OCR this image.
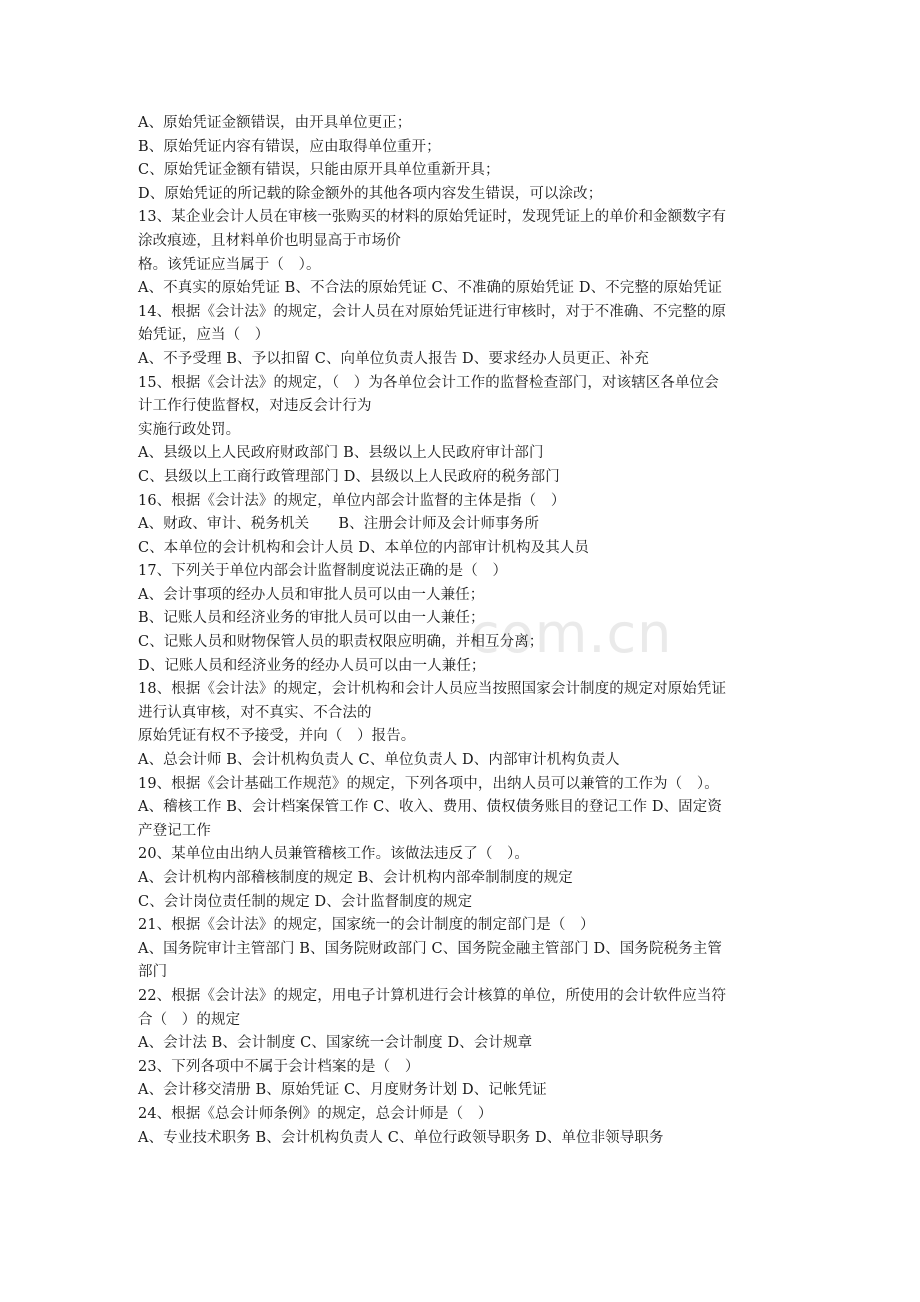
com.cn
A、原始凭证金额错误，由开具单位更正；
B、原始凭证内容有错误，应由取得单位重开；
C、原始凭证金额有错误，只能由原开具单位重新开具；
D、原始凭证的所记载的除金额外的其他各项内容发生错误，可以涂改；
13、某企业会计人员在审核一张购买的材料的原始凭证时，发现凭证上的单价和金额数字有
涂改痕迹，且材料单价也明显高于市场价
格。该凭证应当属于（　）。
A、不真实的原始凭证 B、不合法的原始凭证 C、不准确的原始凭证 D、不完整的原始凭证
14、根据《会计法》的规定，会计人员在对原始凭证进行审核时，对于不准确、不完整的原
始凭证，应当（　）
A、不予受理 B、予以扣留 C、向单位负责人报告 D、要求经办人员更正、补充
15、根据《会计法》的规定，（　）为各单位会计工作的监督检查部门，对该辖区各单位会
计工作行使监督权，对违反会计行为
实施行政处罚。
A、县级以上人民政府财政部门 B、县级以上人民政府审计部门
C、县级以上工商行政管理部门 D、县级以上人民政府的税务部门
16、根据《会计法》的规定，单位内部会计监督的主体是指（　）
A、财政、审计、税务机关　　B、注册会计师及会计师事务所
C、本单位的会计机构和会计人员 D、本单位的内部审计机构及其人员
17、下列关于单位内部会计监督制度说法正确的是（　）
A、会计事项的经办人员和审批人员可以由一人兼任；
B、记账人员和经济业务的审批人员可以由一人兼任；
C、记账人员和财物保管人员的职责权限应明确，并相互分离；
D、记账人员和经济业务的经办人员可以由一人兼任；
18、根据《会计法》的规定，会计机构和会计人员应当按照国家会计制度的规定对原始凭证
进行认真审核，对不真实、不合法的
原始凭证有权不予接受，并向（　）报告。
A、总会计师 B、会计机构负责人 C、单位负责人 D、内部审计机构负责人
19、根据《会计基础工作规范》的规定，下列各项中，出纳人员可以兼管的工作为（　）。
A、稽核工作 B、会计档案保管工作 C、收入、费用、债权债务账目的登记工作 D、固定资
产登记工作
20、某单位由出纳人员兼管稽核工作。该做法违反了（　）。
A、会计机构内部稽核制度的规定 B、会计机构内部牵制制度的规定
C、会计岗位责任制的规定 D、会计监督制度的规定
21、根据《会计法》的规定，国家统一的会计制度的制定部门是（　）
A、国务院审计主管部门 B、国务院财政部门 C、国务院金融主管部门 D、国务院税务主管
部门
22、根据《会计法》的规定，用电子计算机进行会计核算的单位，所使用的会计软件应当符
合（　）的规定
A、会计法 B、会计制度 C、国家统一会计制度 D、会计规章
23、下列各项中不属于会计档案的是（　）
A、会计移交清册 B、原始凭证 C、月度财务计划 D、记帐凭证
24、根据《总会计师条例》的规定，总会计师是（　）
A、专业技术职务 B、会计机构负责人 C、单位行政领导职务 D、单位非领导职务
